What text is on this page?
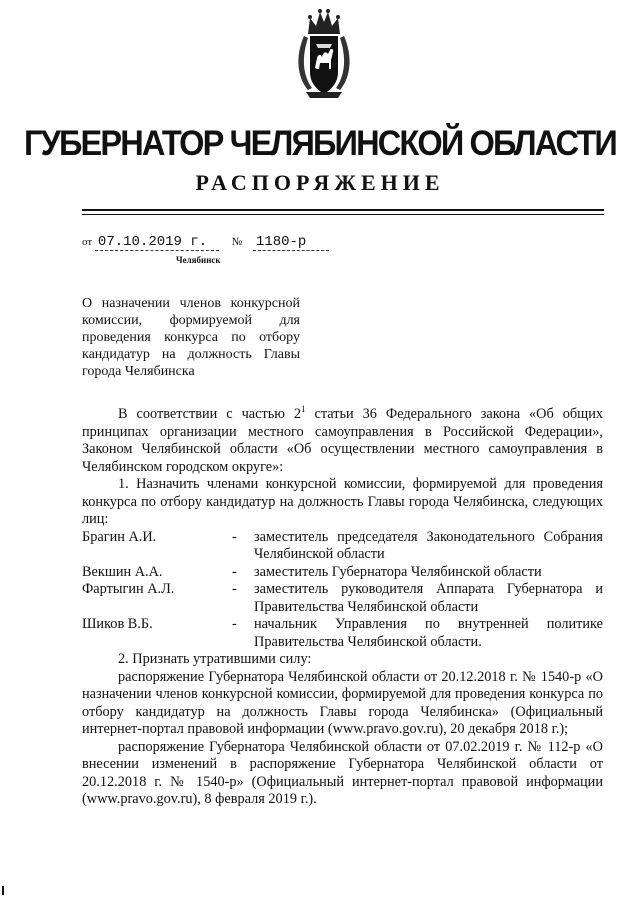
ГУБЕРНАТОР ЧЕЛЯБИНСКОЙ ОБЛАСТИ
РАСПОРЯЖЕНИЕ
от 07.10.2019 г. № 1180-р
Челябинск
О назначении членов конкурсной комиссии, формируемой для проведения конкурса по отбору кандидатур на должность Главы города Челябинска

В соответствии с частью $2^1$ статьи 36 Федерального закона «Об общих принципах организации местного самоуправления в Российской Федерации», Законом Челябинской области «Об осуществлении местного самоуправления в Челябинском городском округе»:

1. Назначить членами конкурсной комиссии, формируемой для проведения конкурса по отбору кандидатур на должность Главы города Челябинска, следующих лиц:

Брагин А.И.	-	заместитель председателя Законодательного Собрания Челябинской области
Векшин А.А.	-	заместитель Губернатора Челябинской области
Фартыгин А.Л.	-	заместитель руководителя Аппарата Губернатора и Правительства Челябинской области
Шиков В.Б.	-	начальник Управления по внутренней политике Правительства Челябинской области.

2. Признать утратившими силу:

распоряжение Губернатора Челябинской области от 20.12.2018 г. № 1540-р «О назначении членов конкурсной комиссии, формируемой для проведения конкурса по отбору кандидатур на должность Главы города Челябинска» (Официальный интернет-портал правовой информации (www.pravo.gov.ru), 20 декабря 2018 г.);

распоряжение Губернатора Челябинской области от 07.02.2019 г. № 112-р «О внесении изменений в распоряжение Губернатора Челябинской области от 20.12.2018 г. № 1540-р» (Официальный интернет-портал правовой информации (www.pravo.gov.ru), 8 февраля 2019 г.).
